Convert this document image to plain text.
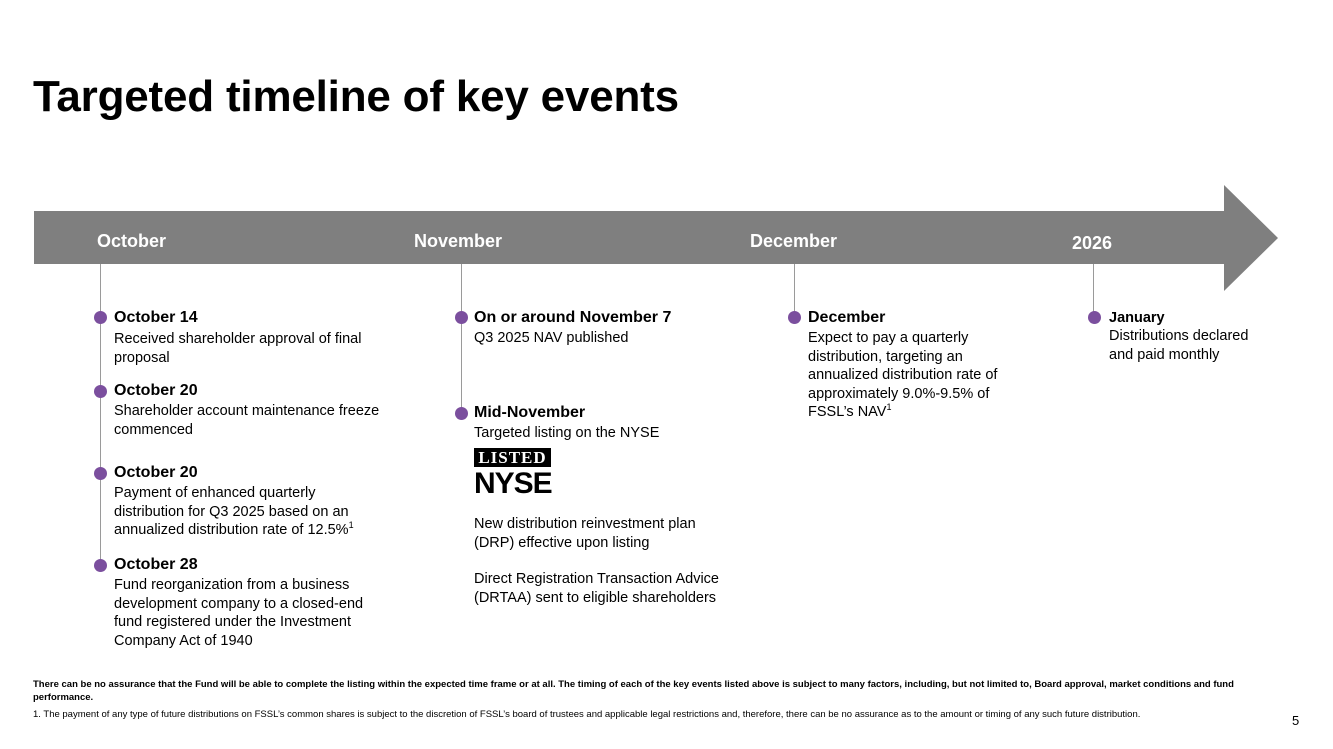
Targeted timeline of key events
October	November	December	2026
October 14
Received shareholder approval of final proposal
October 20
Shareholder account maintenance freeze commenced
October 20
Payment of enhanced quarterly distribution for Q3 2025 based on an annualized distribution rate of 12.5%$^1$
October 28
Fund reorganization from a business development company to a closed-end fund registered under the Investment Company Act of 1940
On or around November 7
Q3 2025 NAV published
Mid-November
Targeted listing on the NYSE
LISTED
NYSE
New distribution reinvestment plan (DRP) effective upon listing
Direct Registration Transaction Advice (DRTAA) sent to eligible shareholders
December
Expect to pay a quarterly distribution, targeting an annualized distribution rate of approximately 9.0%-9.5% of FSSL’s NAV$^1$
January
Distributions declared and paid monthly
There can be no assurance that the Fund will be able to complete the listing within the expected time frame or at all. The timing of each of the key events listed above is subject to many factors, including, but not limited to, Board approval, market conditions and fund performance.
1. The payment of any type of future distributions on FSSL’s common shares is subject to the discretion of FSSL’s board of trustees and applicable legal restrictions and, therefore, there can be no assurance as to the amount or timing of any such future distribution.	5
